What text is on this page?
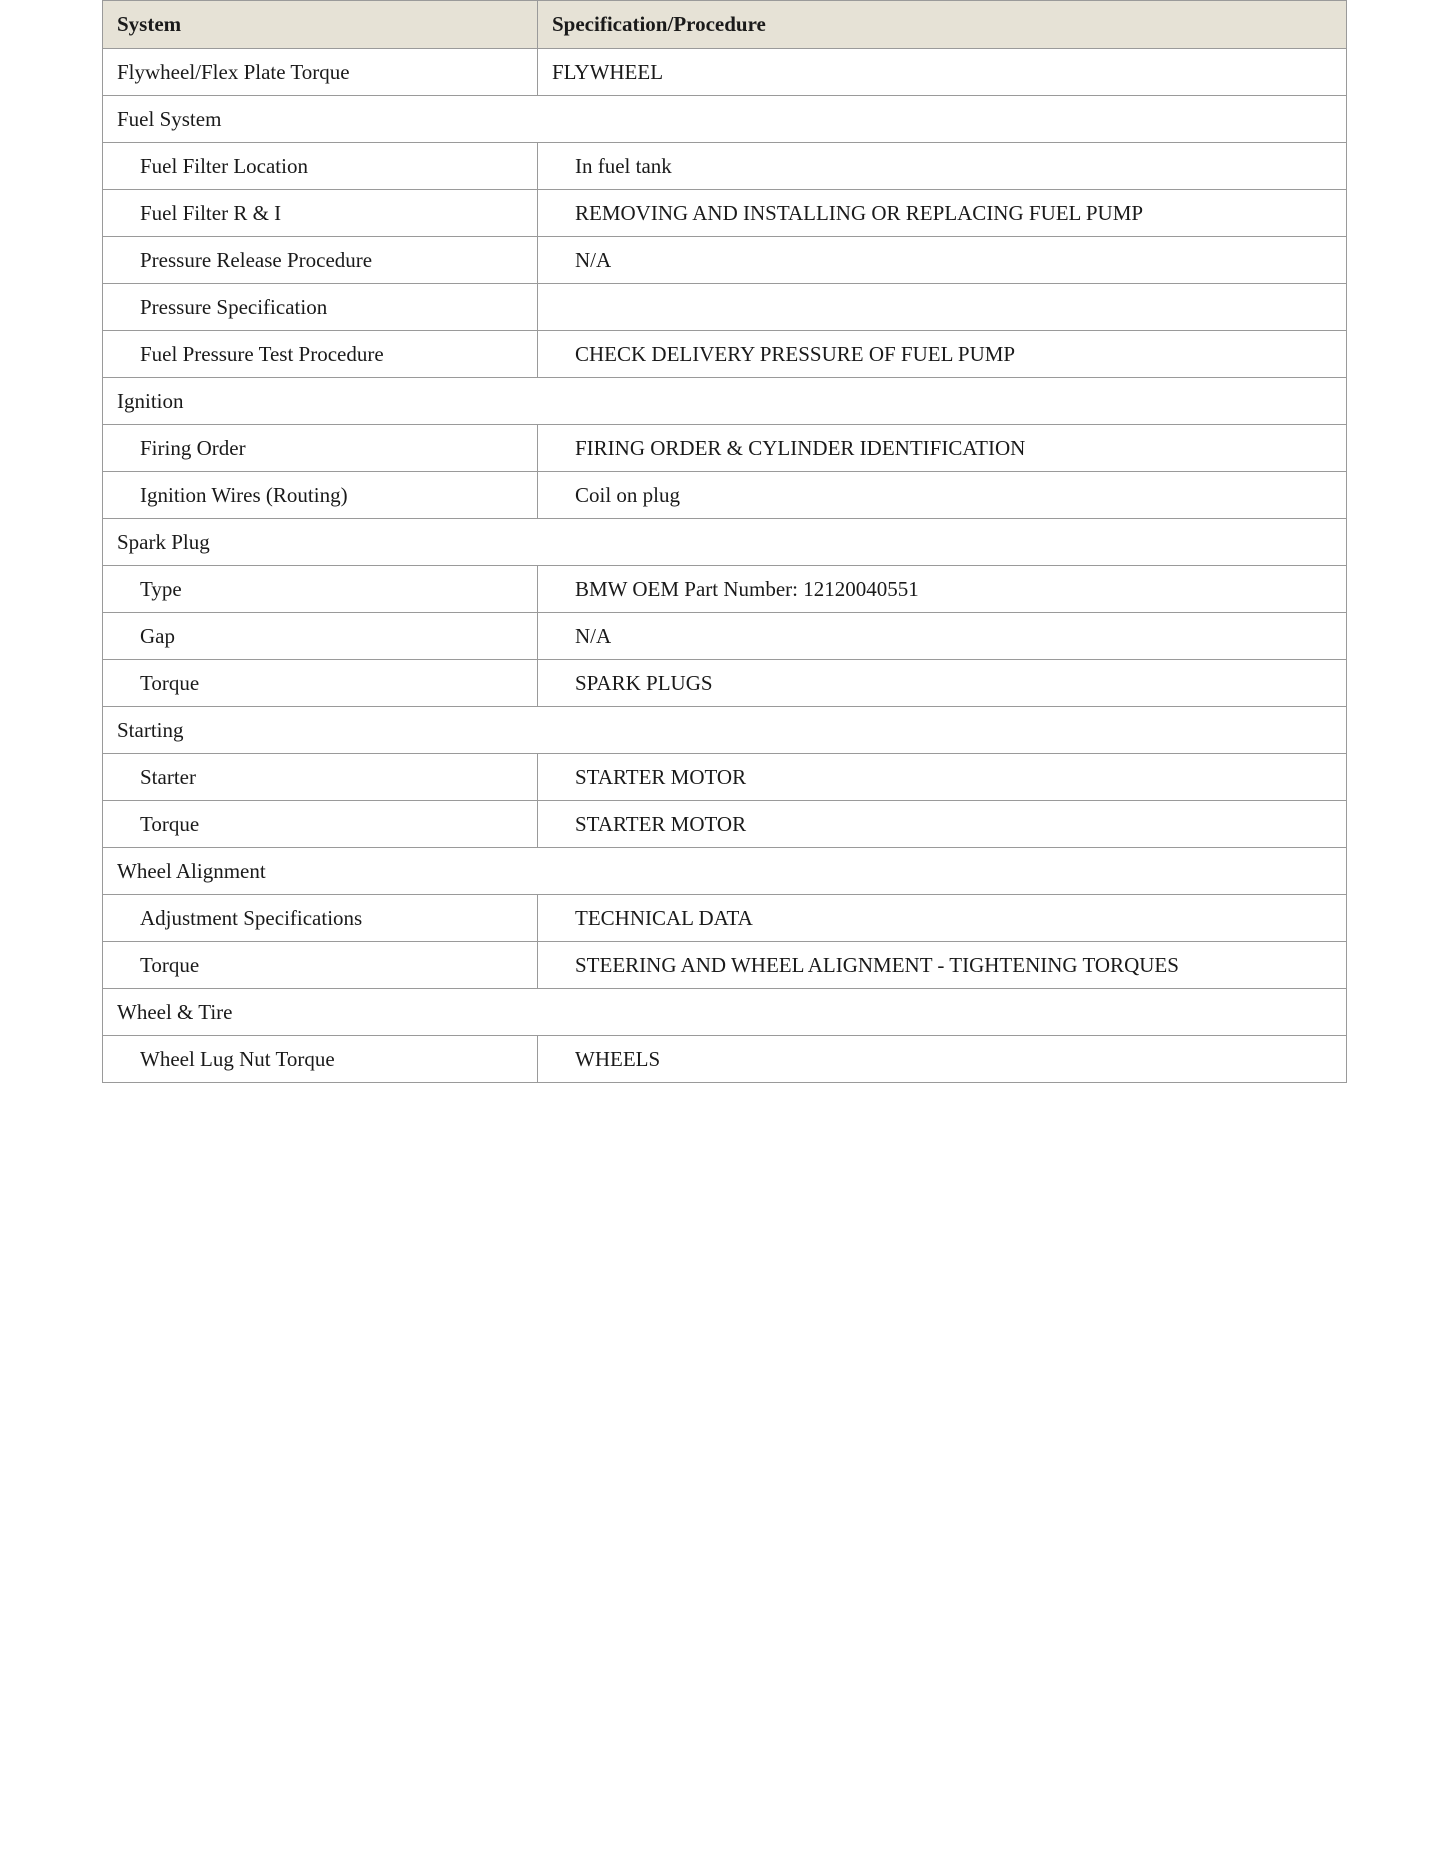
System	Specification/Procedure
Flywheel/Flex Plate Torque	FLYWHEEL
Fuel System	
Fuel Filter Location	In fuel tank
Fuel Filter R & I	REMOVING AND INSTALLING OR REPLACING FUEL PUMP
Pressure Release Procedure	N/A
Pressure Specification	
Fuel Pressure Test Procedure	CHECK DELIVERY PRESSURE OF FUEL PUMP
Ignition	
Firing Order	FIRING ORDER & CYLINDER IDENTIFICATION
Ignition Wires (Routing)	Coil on plug
Spark Plug	
Type	BMW OEM Part Number: 12120040551
Gap	N/A
Torque	SPARK PLUGS
Starting	
Starter	STARTER MOTOR
Torque	STARTER MOTOR
Wheel Alignment	
Adjustment Specifications	TECHNICAL DATA
Torque	STEERING AND WHEEL ALIGNMENT - TIGHTENING TORQUES
Wheel & Tire	
Wheel Lug Nut Torque	WHEELS
